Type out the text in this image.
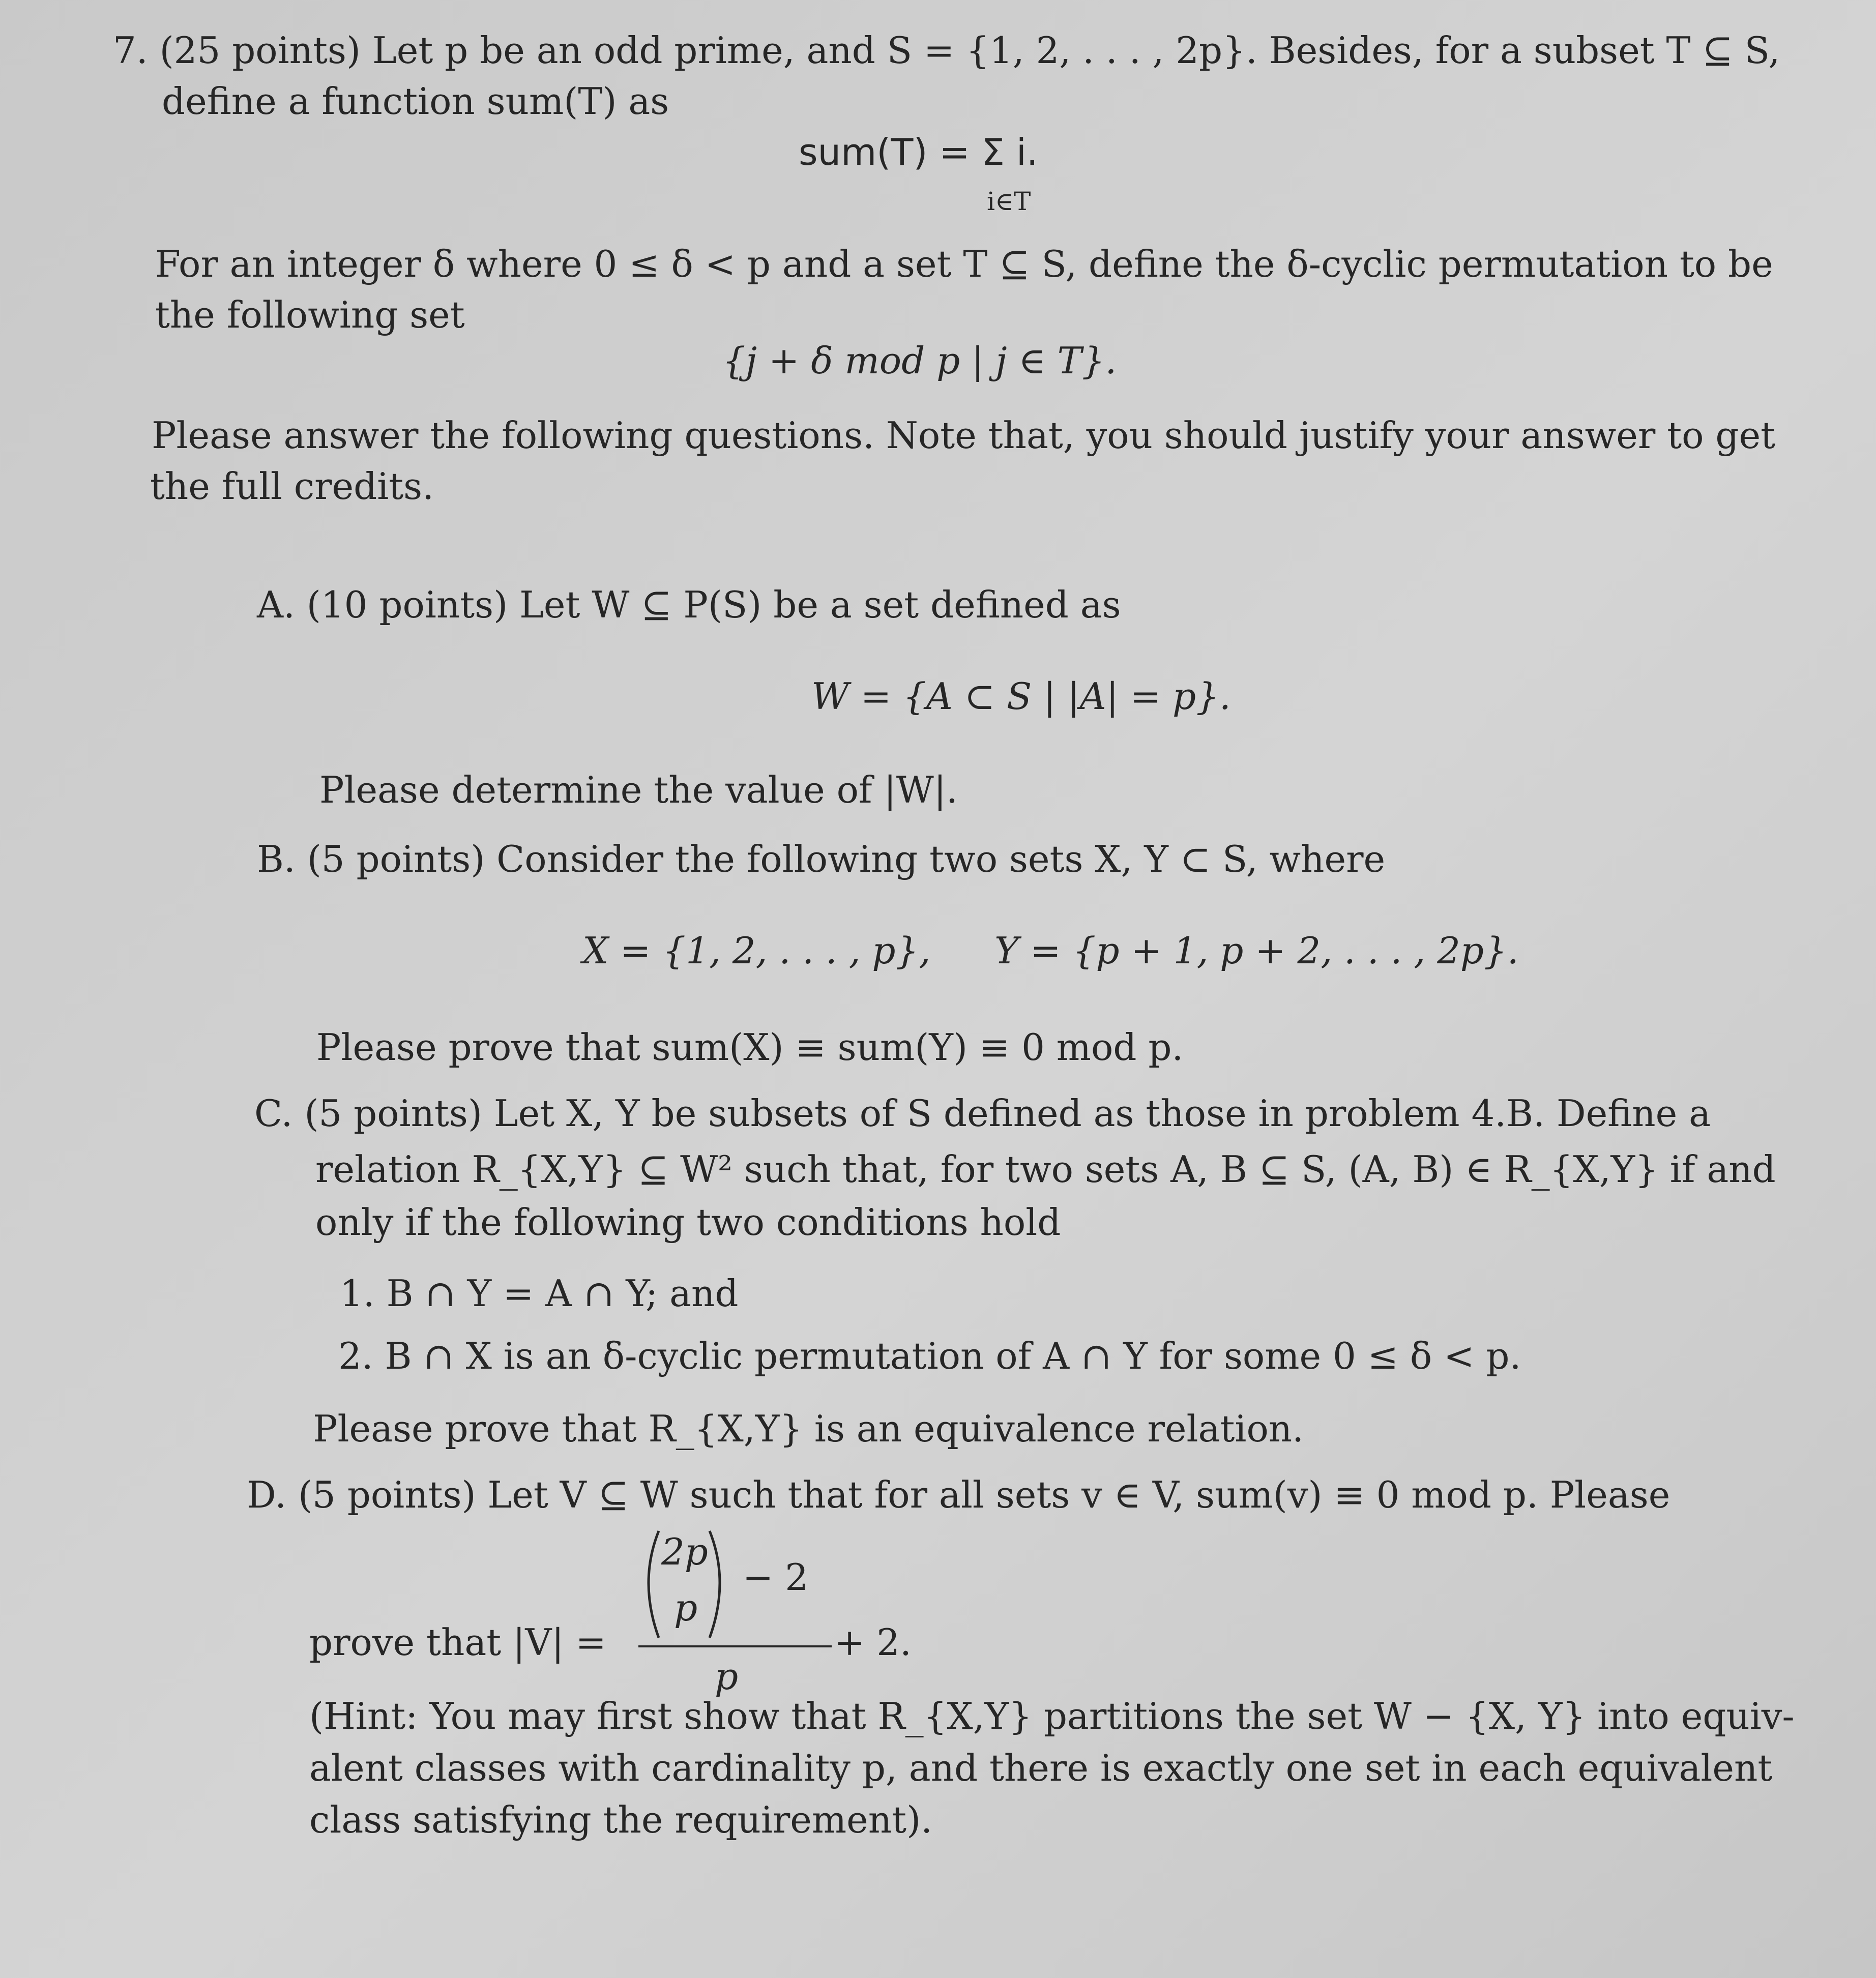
7. (25 points) Let p be an odd prime, and S = {1, 2, . . . , 2p}. Besides, for a subset T ⊆ S,
define a function sum(T) as
sum(T) = Σ i.
i∈T
For an integer δ where 0 ≤ δ < p and a set T ⊆ S, define the δ-cyclic permutation to be
the following set
{j + δ mod p | j ∈ T}.
Please answer the following questions. Note that, you should justify your answer to get
the full credits.
A. (10 points) Let W ⊆ P(S) be a set defined as
W = {A ⊂ S | |A| = p}.
Please determine the value of |W|.
B. (5 points) Consider the following two sets X, Y ⊂ S, where
X = {1, 2, . . . , p}, Y = {p + 1, p + 2, . . . , 2p}.
Please prove that sum(X) ≡ sum(Y) ≡ 0 mod p.
C. (5 points) Let X, Y be subsets of S defined as those in problem 4.B. Define a
relation R_{X,Y} ⊆ W² such that, for two sets A, B ⊆ S, (A, B) ∈ R_{X,Y} if and
only if the following two conditions hold
1. B ∩ Y = A ∩ Y; and
2. B ∩ X is an δ-cyclic permutation of A ∩ Y for some 0 ≤ δ < p.
Please prove that R_{X,Y} is an equivalence relation.
D. (5 points) Let V ⊆ W such that for all sets v ∈ V, sum(v) ≡ 0 mod p. Please
prove that |V| =
2p
p
− 2
p
+ 2.
(Hint: You may first show that R_{X,Y} partitions the set W − {X, Y} into equiv-
alent classes with cardinality p, and there is exactly one set in each equivalent
class satisfying the requirement).
